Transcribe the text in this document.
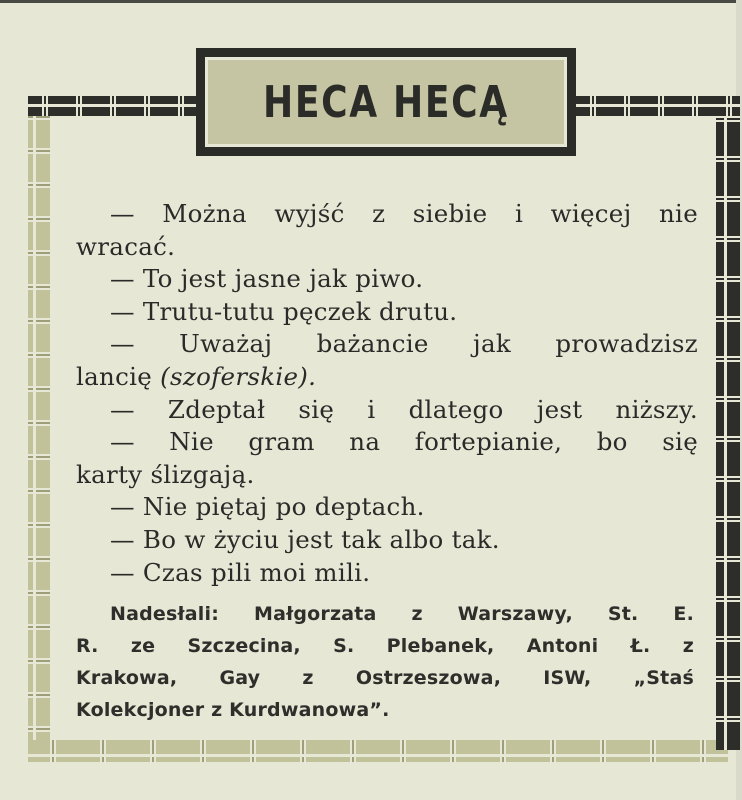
HECA HECĄ
— Można wyjść z siebie i więcej nie
wracać.
— To jest jasne jak piwo.
— Trutu-tutu pęczek drutu.
— Uważaj bażancie jak prowadzisz
lancię (szoferskie).
— Zdeptał się i dlatego jest niższy.
— Nie gram na fortepianie, bo się
karty ślizgają.
— Nie piętaj po deptach.
— Bo w życiu jest tak albo tak.
— Czas pili moi mili.
Nadesłali: Małgorzata z Warszawy, St. E.
R. ze Szczecina, S. Plebanek, Antoni Ł. z
Krakowa, Gay z Ostrzeszowa, ISW, „Staś
Kolekcjoner z Kurdwanowa”.
